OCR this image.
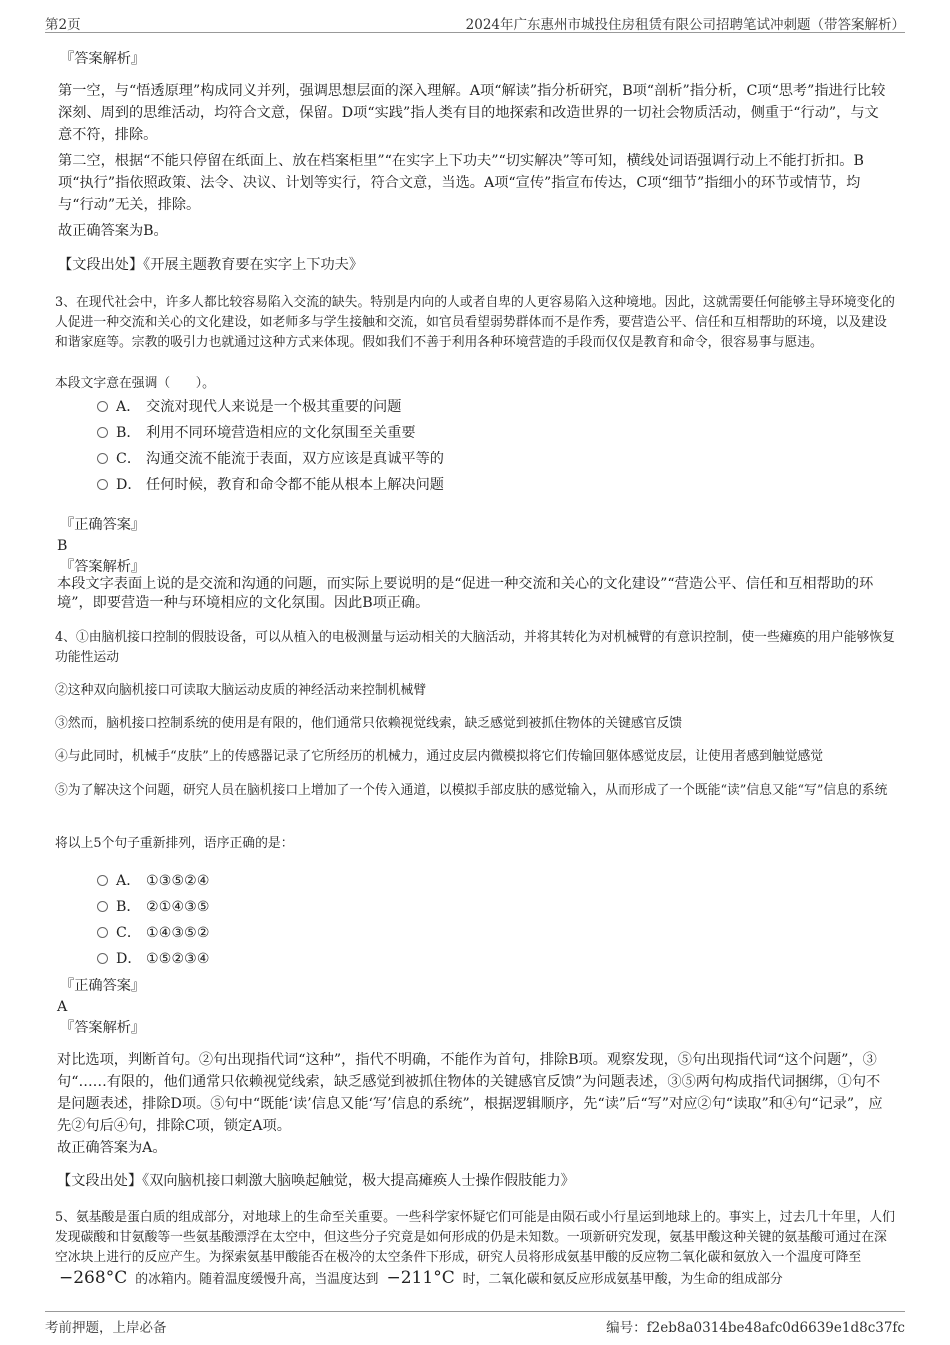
第2页	2024年广东惠州市城投住房租赁有限公司招聘笔试冲刺题（带答案解析）
『答案解析』
第一空，与“悟透原理”构成同义并列，强调思想层面的深入理解。A项“解读”指分析研究，B项“剖析”指分析，C项“思考”指进行比较深刻、周到的思维活动，均符合文意，保留。D项“实践”指人类有目的地探索和改造世界的一切社会物质活动，侧重于“行动”，与文意不符，排除。
第二空，根据“不能只停留在纸面上、放在档案柜里”“在实字上下功夫”“切实解决”等可知，横线处词语强调行动上不能打折扣。B项“执行”指依照政策、法令、决议、计划等实行，符合文意，当选。A项“宣传”指宣布传达，C项“细节”指细小的环节或情节，均与“行动”无关，排除。
故正确答案为B。
【文段出处】《开展主题教育要在实字上下功夫》
3、在现代社会中，许多人都比较容易陷入交流的缺失。特别是内向的人或者自卑的人更容易陷入这种境地。因此，这就需要任何能够主导环境变化的人促进一种交流和关心的文化建设，如老师多与学生接触和交流，如官员看望弱势群体而不是作秀，要营造公平、信任和互相帮助的环境，以及建设和谐家庭等。宗教的吸引力也就通过这种方式来体现。假如我们不善于利用各种环境营造的手段而仅仅是教育和命令，很容易事与愿违。
本段文字意在强调（　　）。
A． 交流对现代人来说是一个极其重要的问题
B． 利用不同环境营造相应的文化氛围至关重要
C． 沟通交流不能流于表面，双方应该是真诚平等的
D． 任何时候，教育和命令都不能从根本上解决问题
『正确答案』
B
『答案解析』
本段文字表面上说的是交流和沟通的问题，而实际上要说明的是“促进一种交流和关心的文化建设”“营造公平、信任和互相帮助的环境”，即要营造一种与环境相应的文化氛围。因此B项正确。
4、①由脑机接口控制的假肢设备，可以从植入的电极测量与运动相关的大脑活动，并将其转化为对机械臂的有意识控制，使一些瘫痪的用户能够恢复功能性运动
②这种双向脑机接口可读取大脑运动皮质的神经活动来控制机械臂
③然而，脑机接口控制系统的使用是有限的，他们通常只依赖视觉线索，缺乏感觉到被抓住物体的关键感官反馈
④与此同时，机械手“皮肤”上的传感器记录了它所经历的机械力，通过皮层内微模拟将它们传输回躯体感觉皮层，让使用者感到触觉感觉
⑤为了解决这个问题，研究人员在脑机接口上增加了一个传入通道，以模拟手部皮肤的感觉输入，从而形成了一个既能“读”信息又能“写”信息的系统
将以上5个句子重新排列，语序正确的是：
A． ①③⑤②④
B． ②①④③⑤
C． ①④③⑤②
D． ①⑤②③④
『正确答案』
A
『答案解析』
对比选项，判断首句。②句出现指代词“这种”，指代不明确，不能作为首句，排除B项。观察发现，⑤句出现指代词“这个问题”，③句“……有限的，他们通常只依赖视觉线索，缺乏感觉到被抓住物体的关键感官反馈”为问题表述，③⑤两句构成指代词捆绑，①句不是问题表述，排除D项。⑤句中“既能‘读’信息又能‘写’信息的系统”，根据逻辑顺序，先“读”后“写”对应②句“读取”和④句“记录”，应先②句后④句，排除C项，锁定A项。
故正确答案为A。
【文段出处】《双向脑机接口刺激大脑唤起触觉，极大提高瘫痪人士操作假肢能力》
5、氨基酸是蛋白质的组成部分，对地球上的生命至关重要。一些科学家怀疑它们可能是由陨石或小行星运到地球上的。事实上，过去几十年里，人们发现碳酸和甘氨酸等一些氨基酸漂浮在太空中，但这些分子究竟是如何形成的仍是未知数。一项新研究发现，氨基甲酸这种关键的氨基酸可通过在深空冰块上进行的反应产生。为探索氨基甲酸能否在极冷的太空条件下形成，研究人员将形成氨基甲酸的反应物二氧化碳和氨放入一个温度可降至 −268°C 的冰箱内。随着温度缓慢升高，当温度达到 −211°C 时，二氧化碳和氨反应形成氨基甲酸，为生命的组成部分
考前押题，上岸必备	编号：f2eb8a0314be48afc0d6639e1d8c37fc
